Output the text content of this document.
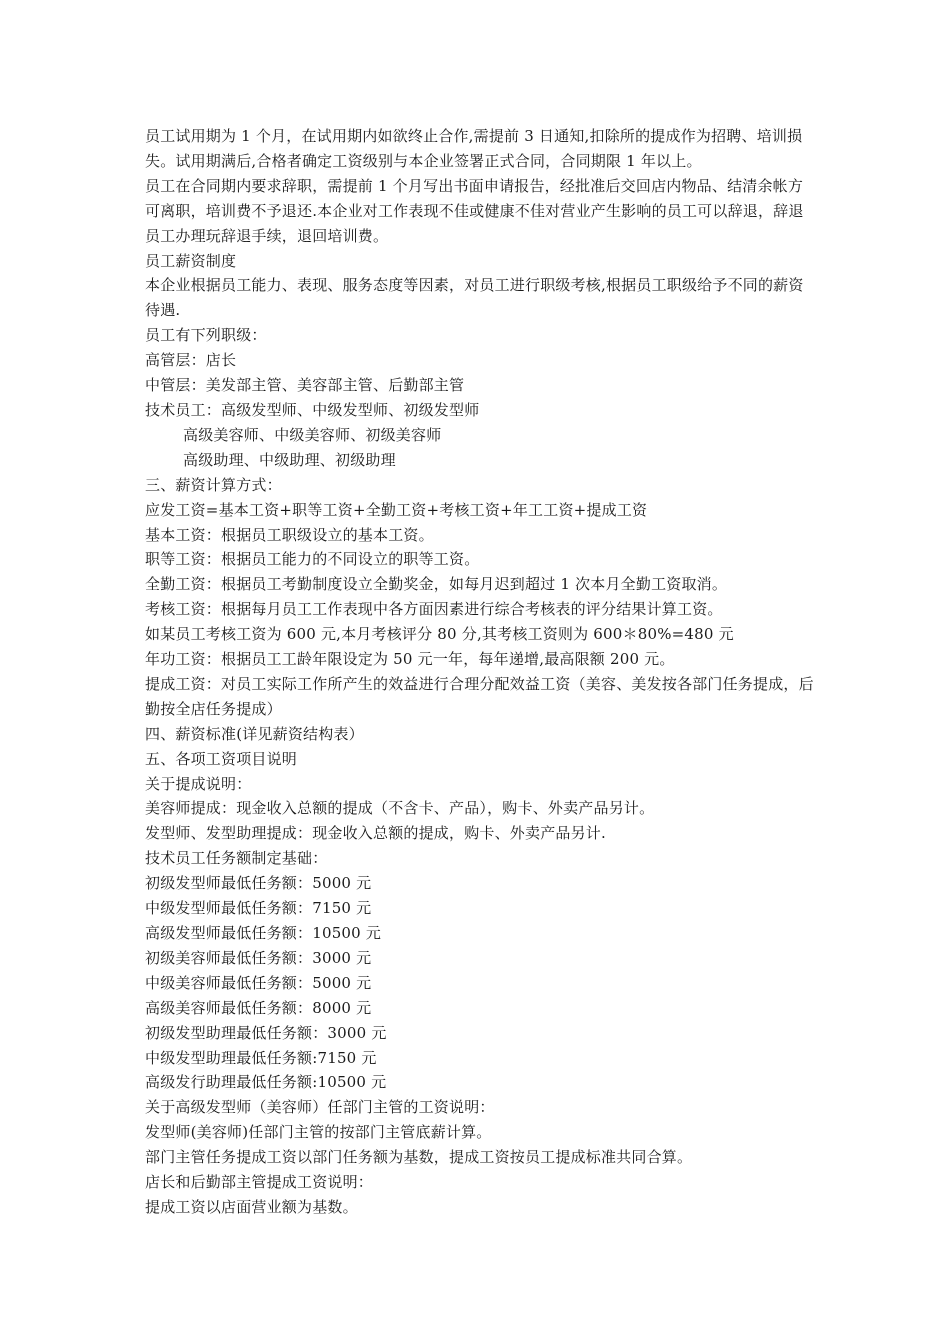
员工试用期为 1 个月，在试用期内如欲终止合作,需提前 3 日通知,扣除所的提成作为招聘、培训损失。试用期满后,合格者确定工资级别与本企业签署正式合同，合同期限 1 年以上。

员工在合同期内要求辞职，需提前 1 个月写出书面申请报告，经批准后交回店内物品、结清余帐方可离职，培训费不予退还.本企业对工作表现不佳或健康不佳对营业产生影响的员工可以辞退，辞退员工办理玩辞退手续，退回培训费。

员工薪资制度

本企业根据员工能力、表现、服务态度等因素，对员工进行职级考核,根据员工职级给予不同的薪资待遇.

员工有下列职级：

高管层：店长

中管层：美发部主管、美容部主管、后勤部主管

技术员工：高级发型师、中级发型师、初级发型师

高级美容师、中级美容师、初级美容师

高级助理、中级助理、初级助理

三、薪资计算方式：

应发工资=基本工资+职等工资+全勤工资+考核工资+年工工资+提成工资

基本工资：根据员工职级设立的基本工资。

职等工资：根据员工能力的不同设立的职等工资。

全勤工资：根据员工考勤制度设立全勤奖金，如每月迟到超过 1 次本月全勤工资取消。

考核工资：根据每月员工工作表现中各方面因素进行综合考核表的评分结果计算工资。

如某员工考核工资为 600 元,本月考核评分 80 分,其考核工资则为 600＊80%=480 元

年功工资：根据员工工龄年限设定为 50 元一年，每年递增,最高限额 200 元。

提成工资：对员工实际工作所产生的效益进行合理分配效益工资（美容、美发按各部门任务提成，后勤按全店任务提成）

四、薪资标准(详见薪资结构表）

五、各项工资项目说明

关于提成说明：

美容师提成：现金收入总额的提成（不含卡、产品），购卡、外卖产品另计。

发型师、发型助理提成：现金收入总额的提成，购卡、外卖产品另计.

技术员工任务额制定基础：

初级发型师最低任务额：5000 元

中级发型师最低任务额：7150 元

高级发型师最低任务额：10500 元

初级美容师最低任务额：3000 元

中级美容师最低任务额：5000 元

高级美容师最低任务额：8000 元

初级发型助理最低任务额：3000 元

中级发型助理最低任务额:7150 元

高级发行助理最低任务额:10500 元

关于高级发型师（美容师）任部门主管的工资说明：

发型师(美容师)任部门主管的按部门主管底薪计算。

部门主管任务提成工资以部门任务额为基数，提成工资按员工提成标准共同合算。

店长和后勤部主管提成工资说明：

提成工资以店面营业额为基数。
